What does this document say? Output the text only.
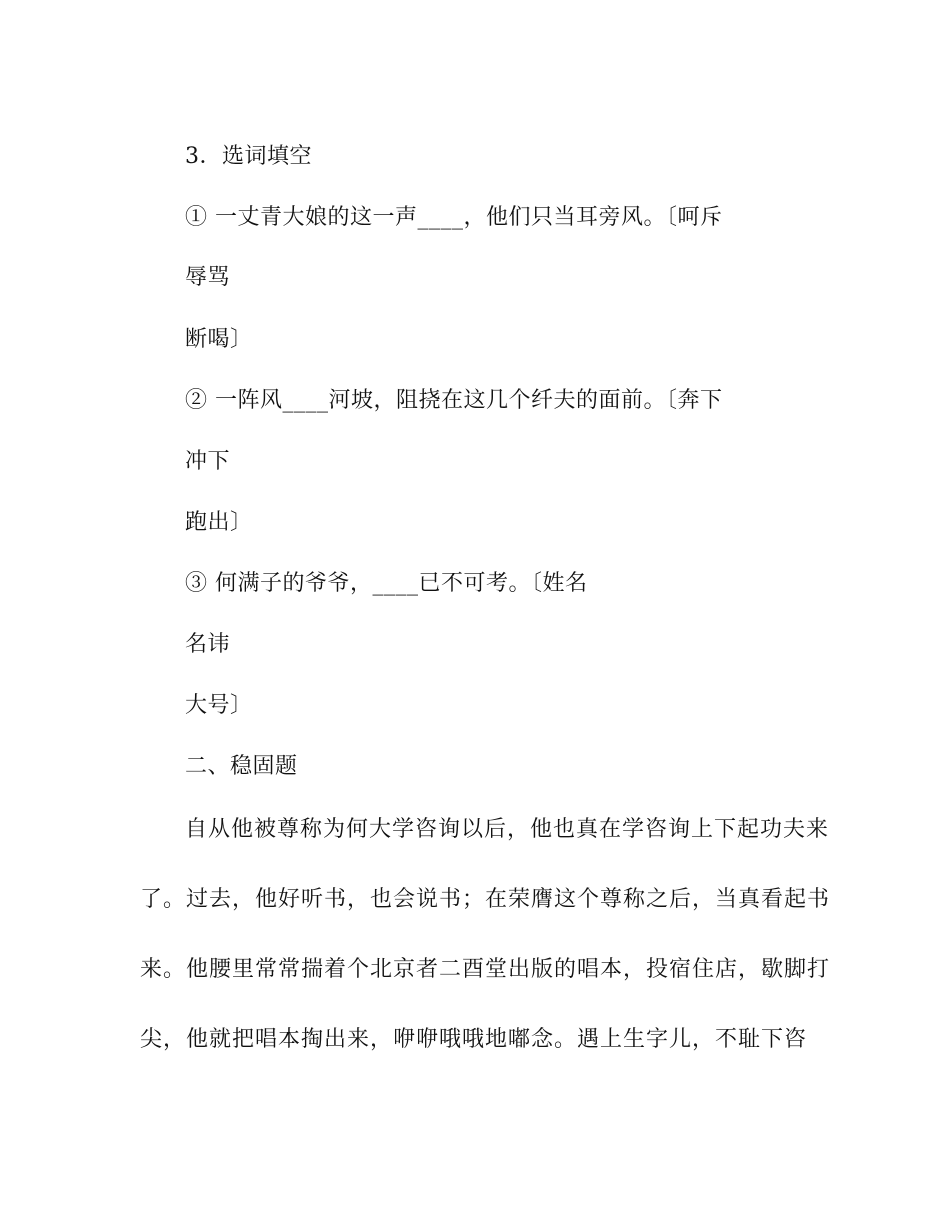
3．选词填空
① 一丈青大娘的这一声____，他们只当耳旁风。〔呵斥
辱骂
断喝〕
② 一阵风____河坡，阻挠在这几个纤夫的面前。〔奔下
冲下
跑出〕
③ 何满子的爷爷，____已不可考。〔姓名
名讳
大号〕
二、稳固题
自从他被尊称为何大学咨询以后，他也真在学咨询上下起功夫来
了。过去，他好听书，也会说书；在荣膺这个尊称之后，当真看起书
来。他腰里常常揣着个北京者二酉堂出版的唱本，投宿住店，歇脚打
尖，他就把唱本掏出来，咿咿哦哦地嘟念。遇上生字儿，不耻下咨
